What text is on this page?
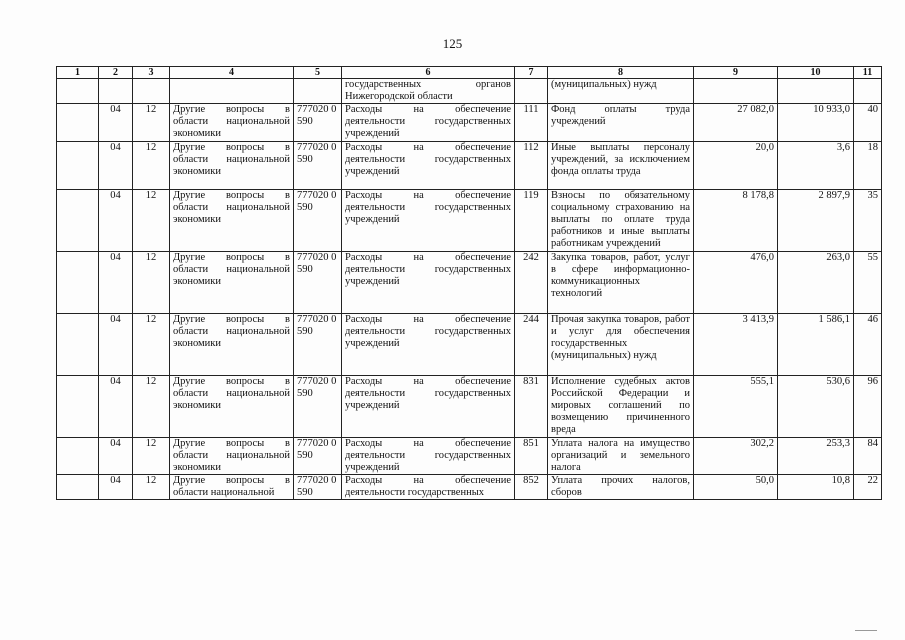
125
1	2	3	4	5	6	7	8	9	10	11
					государственных органов Нижегородской области		(муниципальных) нужд			
	04	12	Другие вопросы в области национальной экономики	777020 0590	Расходы на обеспечение деятельности государственных учреждений	111	Фонд оплаты труда учреждений	27 082,0	10 933,0	40
	04	12	Другие вопросы в области национальной экономики	777020 0590	Расходы на обеспечение деятельности государственных учреждений	112	Иные выплаты персоналу учреждений, за исключением фонда оплаты труда	20,0	3,6	18
	04	12	Другие вопросы в области национальной экономики	777020 0590	Расходы на обеспечение деятельности государственных учреждений	119	Взносы по обязательному социальному страхованию на выплаты по оплате труда работников и иные выплаты работникам учреждений	8 178,8	2 897,9	35
	04	12	Другие вопросы в области национальной экономики	777020 0590	Расходы на обеспечение деятельности государственных учреждений	242	Закупка товаров, работ, услуг в сфере информационно-коммуникационных технологий	476,0	263,0	55
	04	12	Другие вопросы в области национальной экономики	777020 0590	Расходы на обеспечение деятельности государственных учреждений	244	Прочая закупка товаров, работ и услуг для обеспечения государственных (муниципальных) нужд	3 413,9	1 586,1	46
	04	12	Другие вопросы в области национальной экономики	777020 0590	Расходы на обеспечение деятельности государственных учреждений	831	Исполнение судебных актов Российской Федерации и мировых соглашений по возмещению причиненного вреда	555,1	530,6	96
	04	12	Другие вопросы в области национальной экономики	777020 0590	Расходы на обеспечение деятельности государственных учреждений	851	Уплата налога на имущество организаций и земельного налога	302,2	253,3	84
	04	12	Другие вопросы в области национальной	777020 0590	Расходы на обеспечение деятельности государственных	852	Уплата прочих налогов, сборов	50,0	10,8	22
